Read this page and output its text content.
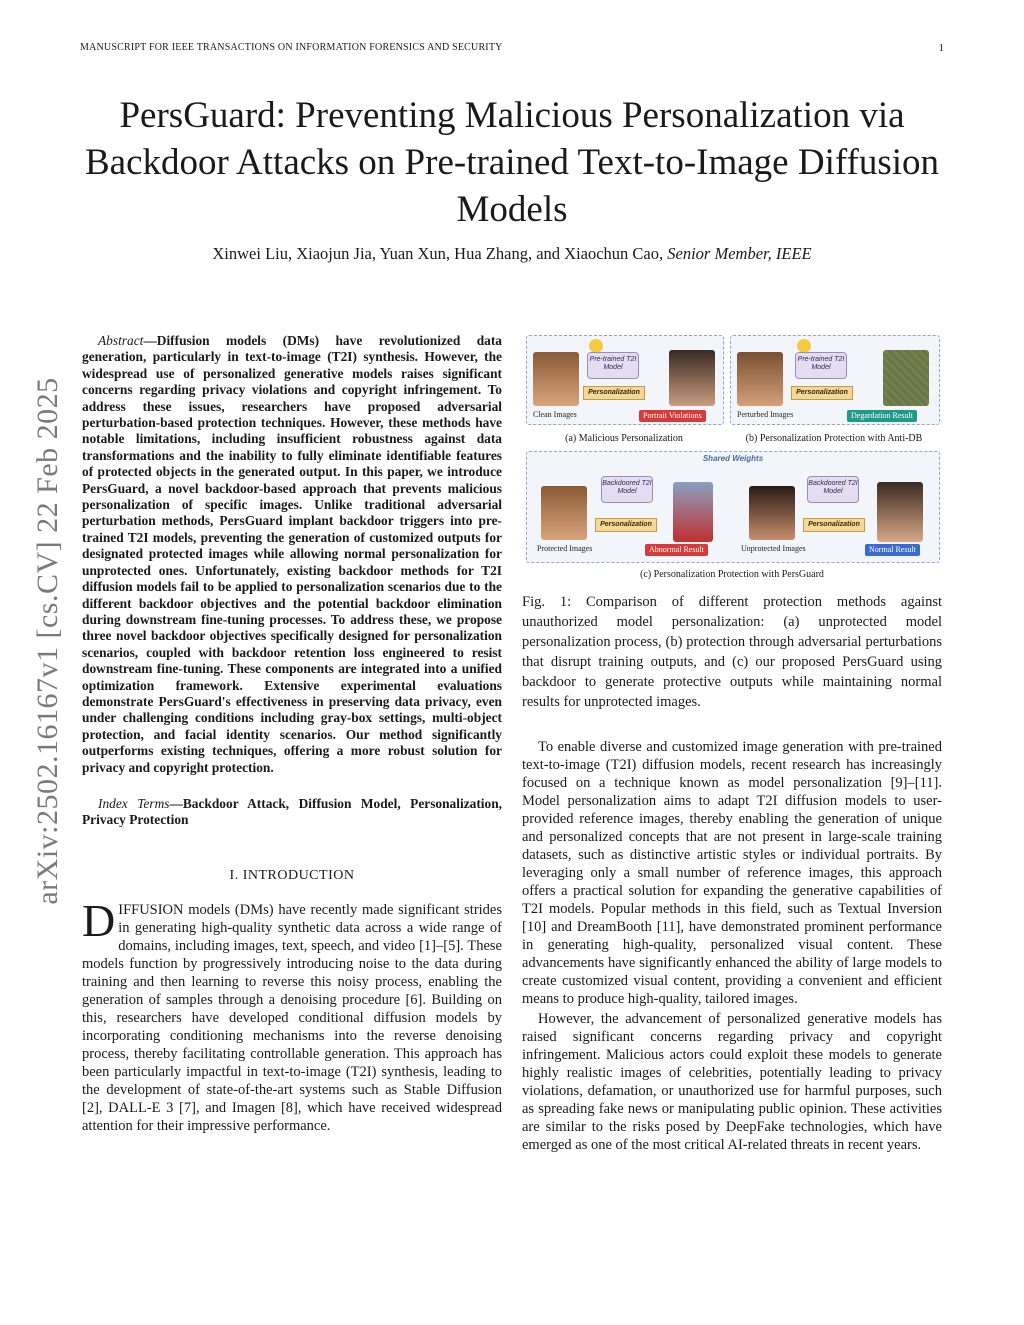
MANUSCRIPT FOR IEEE TRANSACTIONS ON INFORMATION FORENSICS AND SECURITY	1
PersGuard: Preventing Malicious Personalization via Backdoor Attacks on Pre-trained Text-to-Image Diffusion Models
Xinwei Liu, Xiaojun Jia, Yuan Xun, Hua Zhang, and Xiaochun Cao, Senior Member, IEEE
arXiv:2502.16167v1 [cs.CV] 22 Feb 2025
Abstract—Diffusion models (DMs) have revolutionized data generation, particularly in text-to-image (T2I) synthesis. However, the widespread use of personalized generative models raises significant concerns regarding privacy violations and copyright infringement. To address these issues, researchers have proposed adversarial perturbation-based protection techniques. However, these methods have notable limitations, including insufficient robustness against data transformations and the inability to fully eliminate identifiable features of protected objects in the generated output. In this paper, we introduce PersGuard, a novel backdoor-based approach that prevents malicious personalization of specific images. Unlike traditional adversarial perturbation methods, PersGuard implant backdoor triggers into pre-trained T2I models, preventing the generation of customized outputs for designated protected images while allowing normal personalization for unprotected ones. Unfortunately, existing backdoor methods for T2I diffusion models fail to be applied to personalization scenarios due to the different backdoor objectives and the potential backdoor elimination during downstream fine-tuning processes. To address these, we propose three novel backdoor objectives specifically designed for personalization scenarios, coupled with backdoor retention loss engineered to resist downstream fine-tuning. These components are integrated into a unified optimization framework. Extensive experimental evaluations demonstrate PersGuard's effectiveness in preserving data privacy, even under challenging conditions including gray-box settings, multi-object protection, and facial identity scenarios. Our method significantly outperforms existing techniques, offering a more robust solution for privacy and copyright protection.
Index Terms—Backdoor Attack, Diffusion Model, Personalization, Privacy Protection
I. INTRODUCTION

DIFFUSION models (DMs) have recently made significant strides in generating high-quality synthetic data across a wide range of domains, including images, text, speech, and video [1]–[5]. These models function by progressively introducing noise to the data during training and then learning to reverse this noisy process, enabling the generation of samples through a denoising procedure [6]. Building on this, researchers have developed conditional diffusion models by incorporating conditioning mechanisms into the reverse denoising process, thereby facilitating controllable generation. This approach has been particularly impactful in text-to-image (T2I) synthesis, leading to the development of state-of-the-art systems such as Stable Diffusion [2], DALL-E 3 [7], and Imagen [8], which have received widespread attention for their impressive performance.

Pre-trained T2I Model
Personalization
Clean Images	Portrait Violations
(a) Malicious Personalization
Pre-trained T2I Model
Personalization
Perturbed Images	Degardation Result
(b) Personalization Protection with Anti-DB
Shared Weights
Backdoored T2I Model
Personalization
Protected Images	Abnormal Result
Backdoored T2I Model
Personalization
Unprotected Images	Normal Result
(c) Personalization Protection with PersGuard

Fig. 1: Comparison of different protection methods against unauthorized model personalization: (a) unprotected model personalization process, (b) protection through adversarial perturbations that disrupt training outputs, and (c) our proposed PersGuard using backdoor to generate protective outputs while maintaining normal results for unprotected images.

To enable diverse and customized image generation with pre-trained text-to-image (T2I) diffusion models, recent research has increasingly focused on a technique known as model personalization [9]–[11]. Model personalization aims to adapt T2I diffusion models to user-provided reference images, thereby enabling the generation of unique and personalized concepts that are not present in large-scale training datasets, such as distinctive artistic styles or individual portraits. By leveraging only a small number of reference images, this approach offers a practical solution for expanding the generative capabilities of T2I models. Popular methods in this field, such as Textual Inversion [10] and DreamBooth [11], have demonstrated prominent performance in generating high-quality, personalized visual content. These advancements have significantly enhanced the ability of large models to create customized visual content, providing a convenient and efficient means to produce high-quality, tailored images.

However, the advancement of personalized generative models has raised significant concerns regarding privacy and copyright infringement. Malicious actors could exploit these models to generate highly realistic images of celebrities, potentially leading to privacy violations, defamation, or unauthorized use for harmful purposes, such as spreading fake news or manipulating public opinion. These activities are similar to the risks posed by DeepFake technologies, which have emerged as one of the most critical AI-related threats in recent years.
